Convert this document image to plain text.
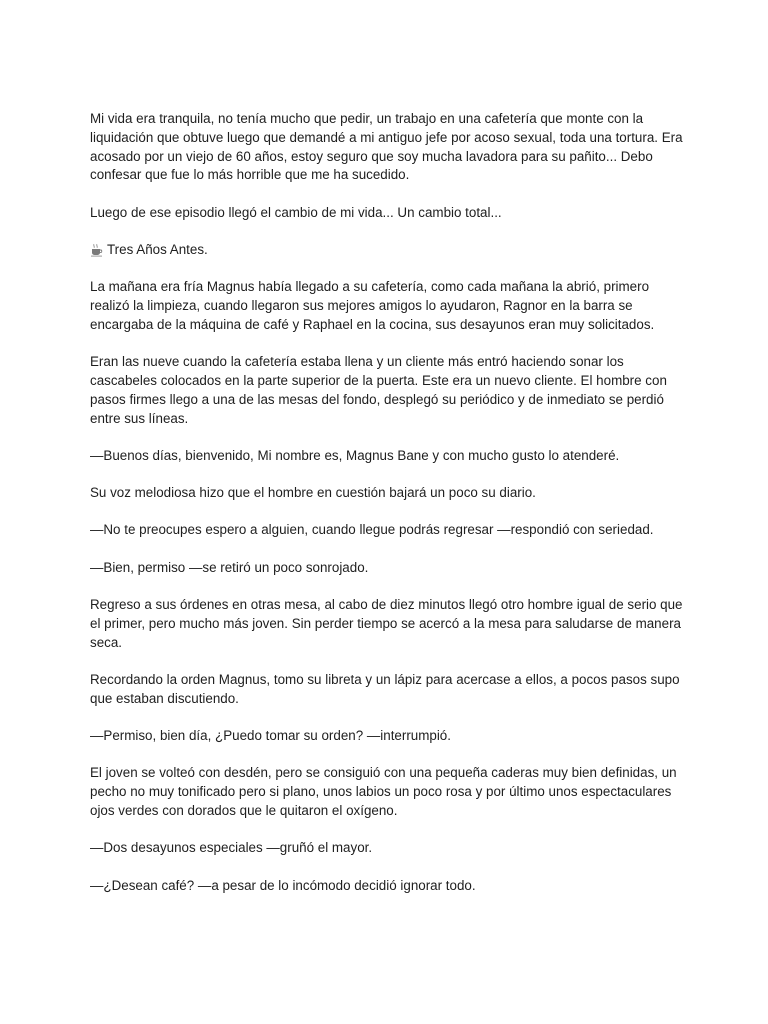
Mi vida era tranquila, no tenía mucho que pedir, un trabajo en una cafetería que monte con la liquidación que obtuve luego que demandé a mi antiguo jefe por acoso sexual, toda una tortura. Era acosado por un viejo de 60 años, estoy seguro que soy mucha lavadora para su pañito... Debo confesar que fue lo más horrible que me ha sucedido.

Luego de ese episodio llegó el cambio de mi vida... Un cambio total...

Tres Años Antes.

La mañana era fría Magnus había llegado a su cafetería, como cada mañana la abrió, primero realizó la limpieza, cuando llegaron sus mejores amigos lo ayudaron, Ragnor en la barra se encargaba de la máquina de café y Raphael en la cocina, sus desayunos eran muy solicitados.

Eran las nueve cuando la cafetería estaba llena y un cliente más entró haciendo sonar los cascabeles colocados en la parte superior de la puerta. Este era un nuevo cliente. El hombre con pasos firmes llego a una de las mesas del fondo, desplegó su periódico y de inmediato se perdió entre sus líneas.

—Buenos días, bienvenido, Mi nombre es, Magnus Bane y con mucho gusto lo atenderé.

Su voz melodiosa hizo que el hombre en cuestión bajará un poco su diario.

—No te preocupes espero a alguien, cuando llegue podrás regresar —respondió con seriedad.

—Bien, permiso —se retiró un poco sonrojado.

Regreso a sus órdenes en otras mesa, al cabo de diez minutos llegó otro hombre igual de serio que el primer, pero mucho más joven. Sin perder tiempo se acercó a la mesa para saludarse de manera seca.

Recordando la orden Magnus, tomo su libreta y un lápiz para acercase a ellos, a pocos pasos supo que estaban discutiendo.

—Permiso, bien día, ¿Puedo tomar su orden? —interrumpió.

El joven se volteó con desdén, pero se consiguió con una pequeña caderas muy bien definidas, un pecho no muy tonificado pero si plano, unos labios un poco rosa y por último unos espectaculares ojos verdes con dorados que le quitaron el oxígeno.

—Dos desayunos especiales —gruñó el mayor.

—¿Desean café? —a pesar de lo incómodo decidió ignorar todo.
